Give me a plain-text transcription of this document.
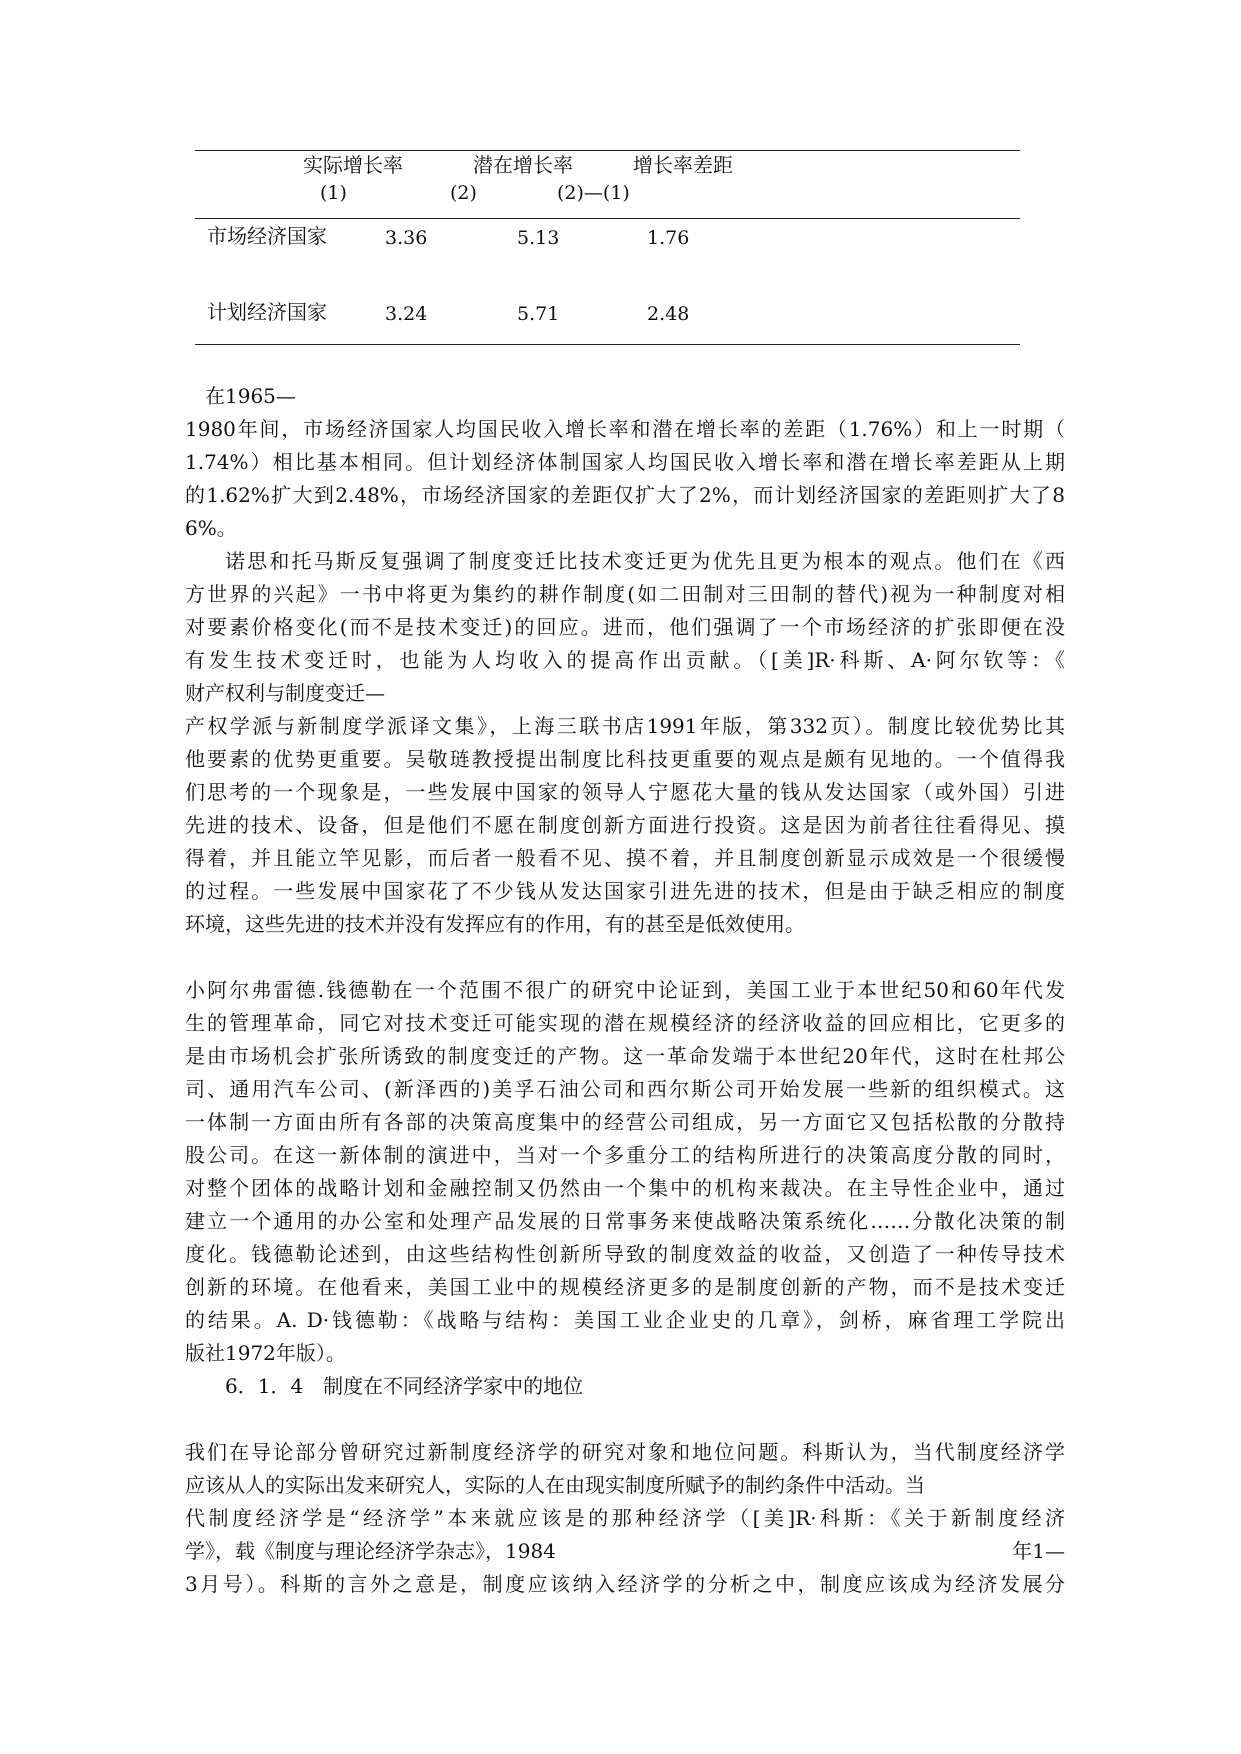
实际增长率	潜在增长率	增长率差距
(1)	(2)	(2)—(1)
市场经济国家	3.36	5.13	1.76
计划经济国家	3.24	5.71	2.48
在1965—
1980年间，市场经济国家人均国民收入增长率和潜在增长率的差距（1.76%）和上一时期（
1.74%）相比基本相同。但计划经济体制国家人均国民收入增长率和潜在增长率差距从上期
的1.62%扩大到2.48%，市场经济国家的差距仅扩大了2%，而计划经济国家的差距则扩大了8
6%。
诺思和托马斯反复强调了制度变迁比技术变迁更为优先且更为根本的观点。他们在《西
方世界的兴起》一书中将更为集约的耕作制度(如二田制对三田制的替代)视为一种制度对相
对要素价格变化(而不是技术变迁)的回应。进而，他们强调了一个市场经济的扩张即便在没
有发生技术变迁时，也能为人均收入的提高作出贡献。（[美]R·科斯、A·阿尔钦等：《
财产权利与制度变迁—
产权学派与新制度学派译文集》，上海三联书店1991年版，第332页）。制度比较优势比其
他要素的优势更重要。吴敬琏教授提出制度比科技更重要的观点是颇有见地的。一个值得我
们思考的一个现象是，一些发展中国家的领导人宁愿花大量的钱从发达国家（或外国）引进
先进的技术、设备，但是他们不愿在制度创新方面进行投资。这是因为前者往往看得见、摸
得着，并且能立竿见影，而后者一般看不见、摸不着，并且制度创新显示成效是一个很缓慢
的过程。一些发展中国家花了不少钱从发达国家引进先进的技术，但是由于缺乏相应的制度
环境，这些先进的技术并没有发挥应有的作用，有的甚至是低效使用。
小阿尔弗雷德.钱德勒在一个范围不很广的研究中论证到，美国工业于本世纪50和60年代发
生的管理革命，同它对技术变迁可能实现的潜在规模经济的经济收益的回应相比，它更多的
是由市场机会扩张所诱致的制度变迁的产物。这一革命发端于本世纪20年代，这时在杜邦公
司、通用汽车公司、(新泽西的)美孚石油公司和西尔斯公司开始发展一些新的组织模式。这
一体制一方面由所有各部的决策高度集中的经营公司组成，另一方面它又包括松散的分散持
股公司。在这一新体制的演进中，当对一个多重分工的结构所进行的决策高度分散的同时，
对整个团体的战略计划和金融控制又仍然由一个集中的机构来裁决。在主导性企业中，通过
建立一个通用的办公室和处理产品发展的日常事务来使战略决策系统化……分散化决策的制
度化。钱德勒论述到，由这些结构性创新所导致的制度效益的收益，又创造了一种传导技术
创新的环境。在他看来，美国工业中的规模经济更多的是制度创新的产物，而不是技术变迁
的结果。A. D·钱德勒：《战略与结构：美国工业企业史的几章》，剑桥，麻省理工学院出
版社1972年版）。
6．1．4　制度在不同经济学家中的地位
我们在导论部分曾研究过新制度经济学的研究对象和地位问题。科斯认为，当代制度经济学
应该从人的实际出发来研究人，实际的人在由现实制度所赋予的制约条件中活动。当
代制度经济学是“经济学”本来就应该是的那种经济学（[美]R·科斯：《关于新制度经济
学》，载《制度与理论经济学杂志》，1984	年1—
3月号）。科斯的言外之意是，制度应该纳入经济学的分析之中，制度应该成为经济发展分
